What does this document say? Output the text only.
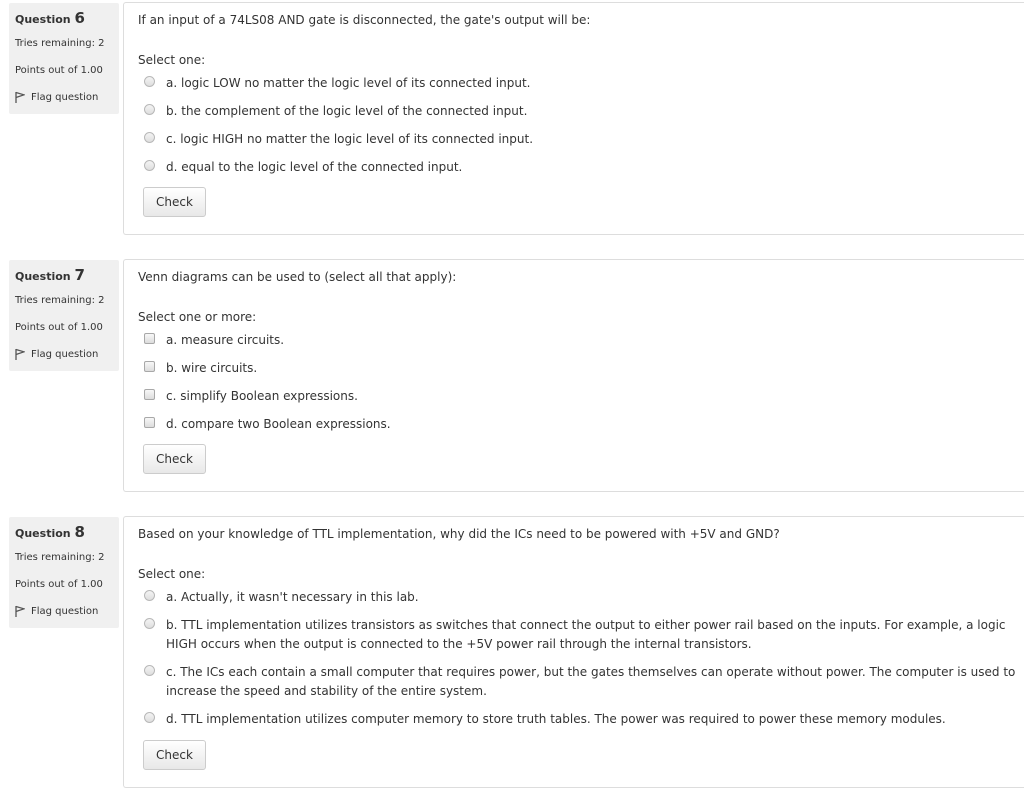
Question 6
Tries remaining: 2
Points out of 1.00
Flag question
If an input of a 74LS08 AND gate is disconnected, the gate's output will be:
Select one:
a. logic LOW no matter the logic level of its connected input.
b. the complement of the logic level of the connected input.
c. logic HIGH no matter the logic level of its connected input.
d. equal to the logic level of the connected input.
Check
Question 7
Tries remaining: 2
Points out of 1.00
Flag question
Venn diagrams can be used to (select all that apply):
Select one or more:
a. measure circuits.
b. wire circuits.
c. simplify Boolean expressions.
d. compare two Boolean expressions.
Check
Question 8
Tries remaining: 2
Points out of 1.00
Flag question
Based on your knowledge of TTL implementation, why did the ICs need to be powered with +5V and GND?
Select one:
a. Actually, it wasn't necessary in this lab.
b. TTL implementation utilizes transistors as switches that connect the output to either power rail based on the inputs. For example, a logic HIGH occurs when the output is connected to the +5V power rail through the internal transistors.
c. The ICs each contain a small computer that requires power, but the gates themselves can operate without power. The computer is used to increase the speed and stability of the entire system.
d. TTL implementation utilizes computer memory to store truth tables. The power was required to power these memory modules.
Check
